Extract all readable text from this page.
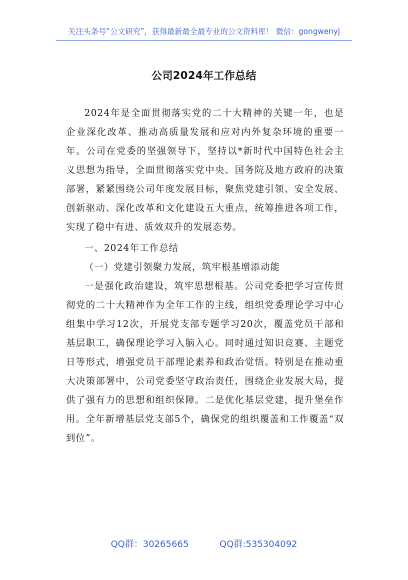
关注头条号“公文研究”，获得最新最全最专业的公文资料库！ 微信：gongwenyj
公司2024年工作总结

2024年是全面贯彻落实党的二十大精神的关键一年，也是企业深化改革、推动高质量发展和应对内外复杂环境的重要一年。公司在党委的坚强领导下，坚持以*新时代中国特色社会主义思想为指导，全面贯彻落实党中央、国务院及地方政府的决策部署，紧紧围绕公司年度发展目标，聚焦党建引领、安全发展、创新驱动、深化改革和文化建设五大重点，统筹推进各项工作，实现了稳中有进、质效双升的发展态势。

一、2024年工作总结

（一）党建引领聚力发展，筑牢根基增添动能

一是强化政治建设，筑牢思想根基。公司党委把学习宣传贯彻党的二十大精神作为全年工作的主线，组织党委理论学习中心组集中学习12次，开展党支部专题学习20次，覆盖党员干部和基层职工，确保理论学习入脑入心。同时通过知识竞赛、主题党日等形式，增强党员干部理论素养和政治觉悟。特别是在推动重大决策部署中，公司党委坚守政治责任，围绕企业发展大局，提供了强有力的思想和组织保障。二是优化基层党建，提升堡垒作用。全年新增基层党支部5个，确保党的组织覆盖和工作覆盖“双到位”。

QQ群：30265665	QQ群:535304092
